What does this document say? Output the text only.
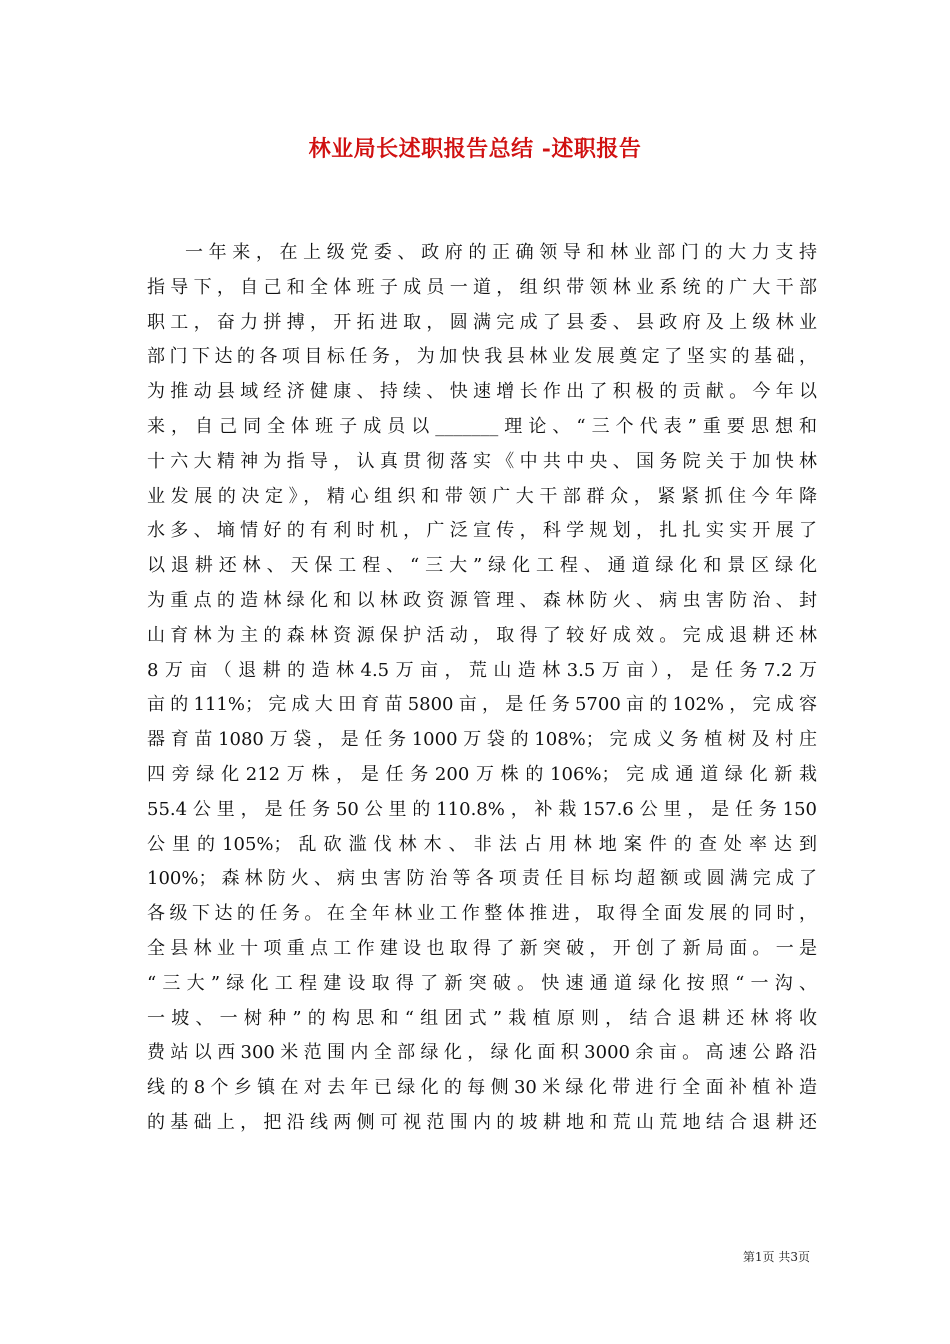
林业局长述职报告总结 -述职报告
一年来，在上级党委、政府的正确领导和林业部门的大力支持
指导下，自己和全体班子成员一道，组织带领林业系统的广大干部
职工，奋力拼搏，开拓进取，圆满完成了县委、县政府及上级林业
部门下达的各项目标任务，为加快我县林业发展奠定了坚实的基础，
为推动县域经济健康、持续、快速增长作出了积极的贡献。今年以
来，自己同全体班子成员以_______理论、“三个代表”重要思想和
十六大精神为指导，认真贯彻落实《中共中央、国务院关于加快林
业发展的决定》，精心组织和带领广大干部群众，紧紧抓住今年降
水多、墒情好的有利时机，广泛宣传，科学规划，扎扎实实开展了
以退耕还林、天保工程、“三大”绿化工程、通道绿化和景区绿化
为重点的造林绿化和以林政资源管理、森林防火、病虫害防治、封
山育林为主的森林资源保护活动，取得了较好成效。完成退耕还林
8万亩（退耕的造林4.5万亩，荒山造林3.5万亩），是任务7.2万
亩的111%；完成大田育苗5800亩，是任务5700亩的102%，完成容
器育苗1080万袋，是任务1000万袋的108%；完成义务植树及村庄
四旁绿化212万株，是任务200万株的106%；完成通道绿化新栽
55.4公里，是任务50公里的110.8%，补栽157.6公里，是任务150
公里的105%；乱砍滥伐林木、非法占用林地案件的查处率达到
100%；森林防火、病虫害防治等各项责任目标均超额或圆满完成了
各级下达的任务。在全年林业工作整体推进，取得全面发展的同时，
全县林业十项重点工作建设也取得了新突破，开创了新局面。一是
“三大”绿化工程建设取得了新突破。快速通道绿化按照“一沟、
一坡、一树种”的构思和“组团式”栽植原则，结合退耕还林将收
费站以西300米范围内全部绿化，绿化面积3000余亩。高速公路沿
线的8个乡镇在对去年已绿化的每侧30米绿化带进行全面补植补造
的基础上，把沿线两侧可视范围内的坡耕地和荒山荒地结合退耕还
第1页 共3页
